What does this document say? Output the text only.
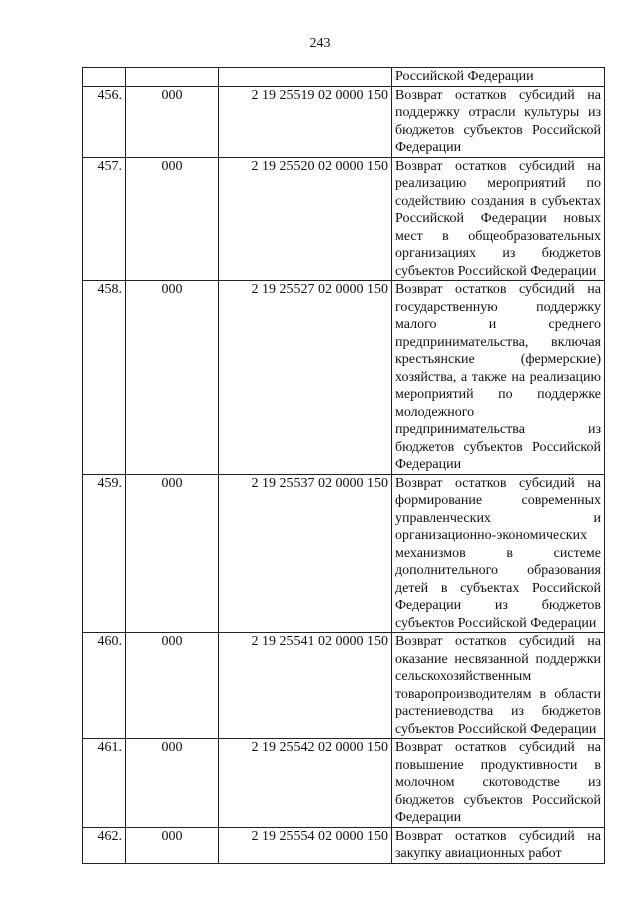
243
			Российской Федерации
456.	000	2 19 25519 02 0000 150	Возврат остатков субсидий на поддержку отрасли культуры из бюджетов субъектов Российской Федерации
457.	000	2 19 25520 02 0000 150	Возврат остатков субсидий на реализацию мероприятий по содействию создания в субъектах Российской Федерации новых мест в общеобразовательных организациях из бюджетов субъектов Российской Федерации
458.	000	2 19 25527 02 0000 150	Возврат остатков субсидий на государственную поддержку малого и среднего предпринимательства, включая крестьянские (фермерские) хозяйства, а также на реализацию мероприятий по поддержке молодежного предпринимательства из бюджетов субъектов Российской Федерации
459.	000	2 19 25537 02 0000 150	Возврат остатков субсидий на формирование современных управленческих и организационно-экономических механизмов в системе дополнительного образования детей в субъектах Российской Федерации из бюджетов субъектов Российской Федерации
460.	000	2 19 25541 02 0000 150	Возврат остатков субсидий на оказание несвязанной поддержки сельскохозяйственным товаропроизводителям в области растениеводства из бюджетов субъектов Российской Федерации
461.	000	2 19 25542 02 0000 150	Возврат остатков субсидий на повышение продуктивности в молочном скотоводстве из бюджетов субъектов Российской Федерации
462.	000	2 19 25554 02 0000 150	Возврат остатков субсидий на закупку авиационных работ
